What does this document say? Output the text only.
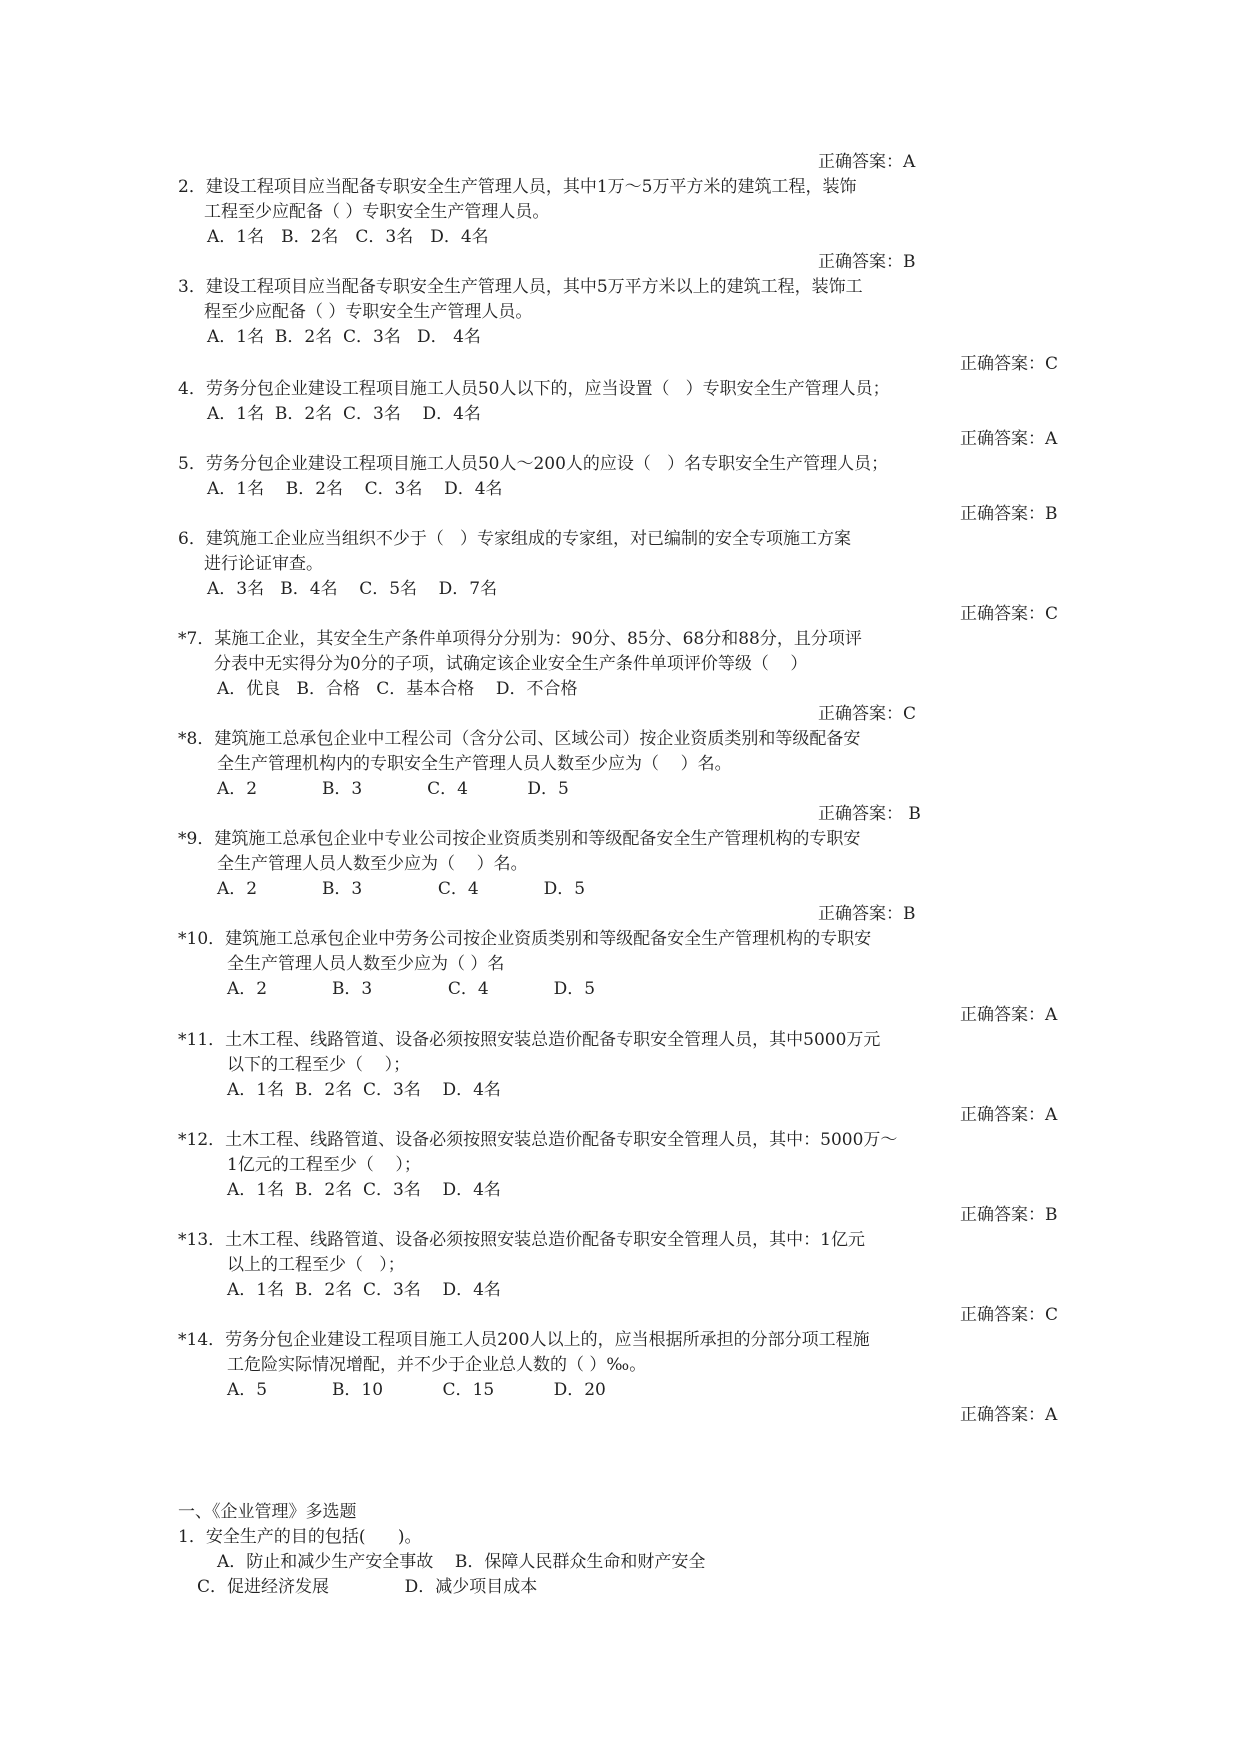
正确答案：A
2．建设工程项目应当配备专职安全生产管理人员，其中1万～5万平方米的建筑工程，装饰
工程至少应配备（ ）专职安全生产管理人员。
A．1名　B．2名　C．3名　D．4名
正确答案：B
3．建设工程项目应当配备专职安全生产管理人员，其中5万平方米以上的建筑工程，装饰工
程至少应配备（ ）专职安全生产管理人员。
A．1名  B．2名  C．3名   D． 4名
正确答案：C
4．劳务分包企业建设工程项目施工人员50人以下的，应当设置（   ）专职安全生产管理人员；
A．1名  B．2名  C．3名    D．4名
正确答案：A
5．劳务分包企业建设工程项目施工人员50人～200人的应设（   ）名专职安全生产管理人员；
A．1名    B．2名    C．3名    D．4名
正确答案：B
6．建筑施工企业应当组织不少于（   ）专家组成的专家组，对已编制的安全专项施工方案
进行论证审查。
A．3名   B．4名    C．5名    D．7名
正确答案：C
*7．某施工企业，其安全生产条件单项得分分别为：90分、85分、68分和88分，且分项评
分表中无实得分为0分的子项，试确定该企业安全生产条件单项评价等级（    ）
A．优良   B．合格   C．基本合格    D．不合格
正确答案：C
*8．建筑施工总承包企业中工程公司（含分公司、区域公司）按企业资质类别和等级配备安
全生产管理机构内的专职安全生产管理人员人数至少应为（    ）名。
A．2            B．3            C．4           D．5
正确答案： B
*9．建筑施工总承包企业中专业公司按企业资质类别和等级配备安全生产管理机构的专职安
全生产管理人员人数至少应为（    ）名。
A．2            B．3              C．4            D．5
正确答案：B
*10．建筑施工总承包企业中劳务公司按企业资质类别和等级配备安全生产管理机构的专职安
全生产管理人员人数至少应为（ ）名
A．2            B．3              C．4            D．5
正确答案：A
*11．土木工程、线路管道、设备必须按照安装总造价配备专职安全管理人员，其中5000万元
以下的工程至少（    ）；
A．1名  B．2名  C．3名    D．4名
正确答案：A
*12．土木工程、线路管道、设备必须按照安装总造价配备专职安全管理人员，其中：5000万～
1亿元的工程至少（    ）；
A．1名  B．2名  C．3名    D．4名
正确答案：B
*13．土木工程、线路管道、设备必须按照安装总造价配备专职安全管理人员，其中：1亿元
以上的工程至少（   ）；
A．1名  B．2名  C．3名    D．4名
正确答案：C
*14．劳务分包企业建设工程项目施工人员200人以上的，应当根据所承担的分部分项工程施
工危险实际情况增配，并不少于企业总人数的（ ）‰。
A．5            B．10           C．15           D．20
正确答案：A
一、《企业管理》多选题
1．安全生产的目的包括(      )。
A．防止和减少生产安全事故    B．保障人民群众生命和财产安全
C．促进经济发展              D．减少项目成本
